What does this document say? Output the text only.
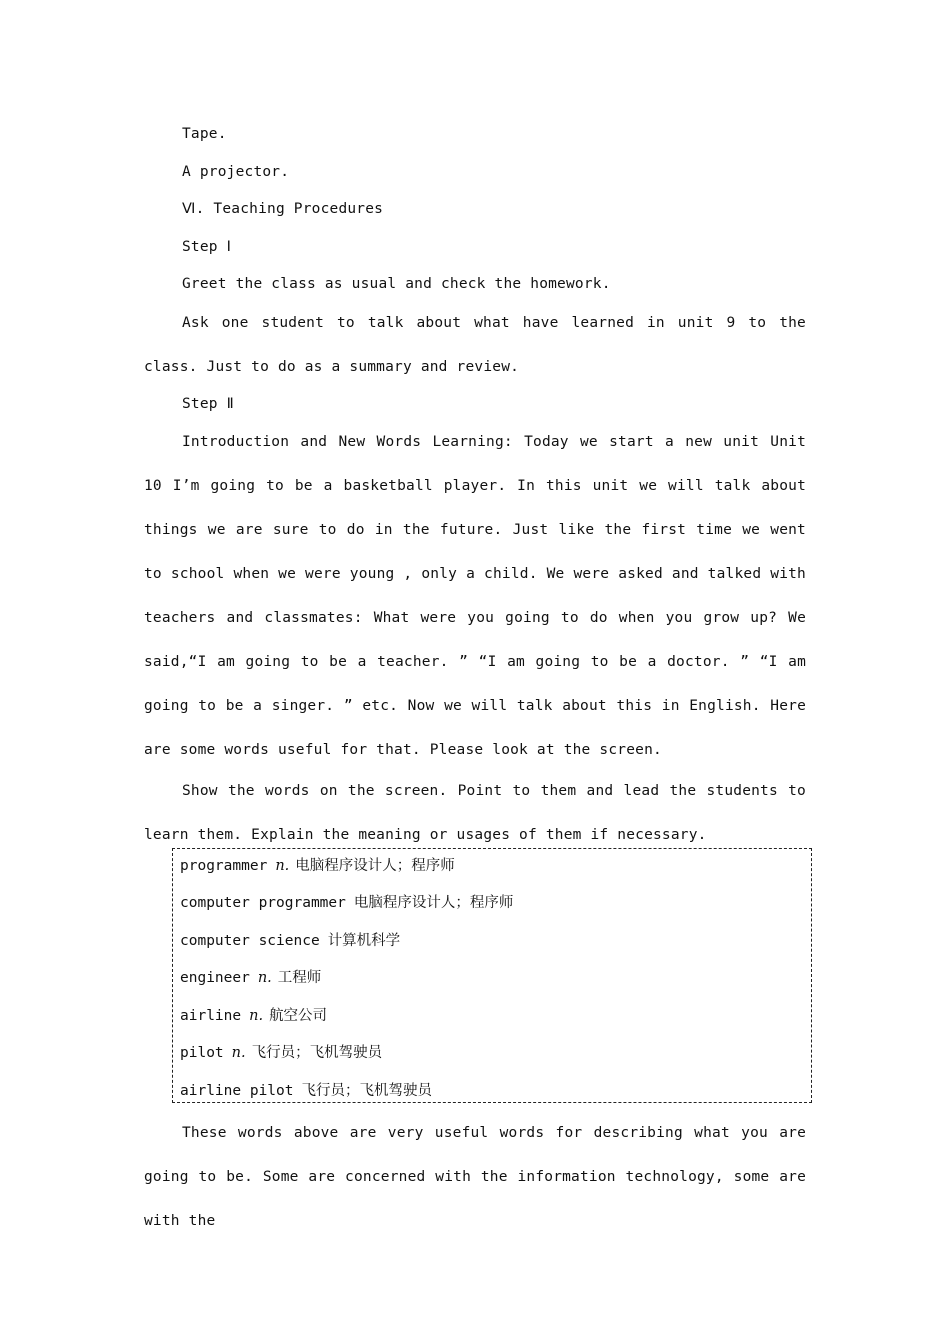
Tape.

A projector.

Ⅵ. Teaching Procedures

Step Ⅰ

Greet the class as usual and check the homework.

Ask one student to talk about what have learned in unit 9 to the class. Just to do as a summary and review.

Step Ⅱ

Introduction and New Words Learning: Today we start a new unit Unit 10 I’m going to be a basketball player. In this unit we will talk about things we are sure to do in the future. Just like the first time we went to school when we were young , only a child. We were asked and talked with teachers and classmates: What were you going to do when you grow up? We said,“I am going to be a teacher. ” “I am going to be a doctor. ” “I am going to be a singer. ” etc. Now we will talk about this in English. Here are some words useful for that. Please look at the screen.

Show the words on the screen. Point to them and lead the students to learn them. Explain the meaning or usages of them if necessary.

programmer n. 电脑程序设计人；程序师
computer programmer 电脑程序设计人；程序师
computer science 计算机科学
engineer n. 工程师
airline n. 航空公司
pilot n. 飞行员；飞机驾驶员
airline pilot 飞行员；飞机驾驶员

These words above are very useful words for describing what you are going to be. Some are concerned with the information technology, some are with the
